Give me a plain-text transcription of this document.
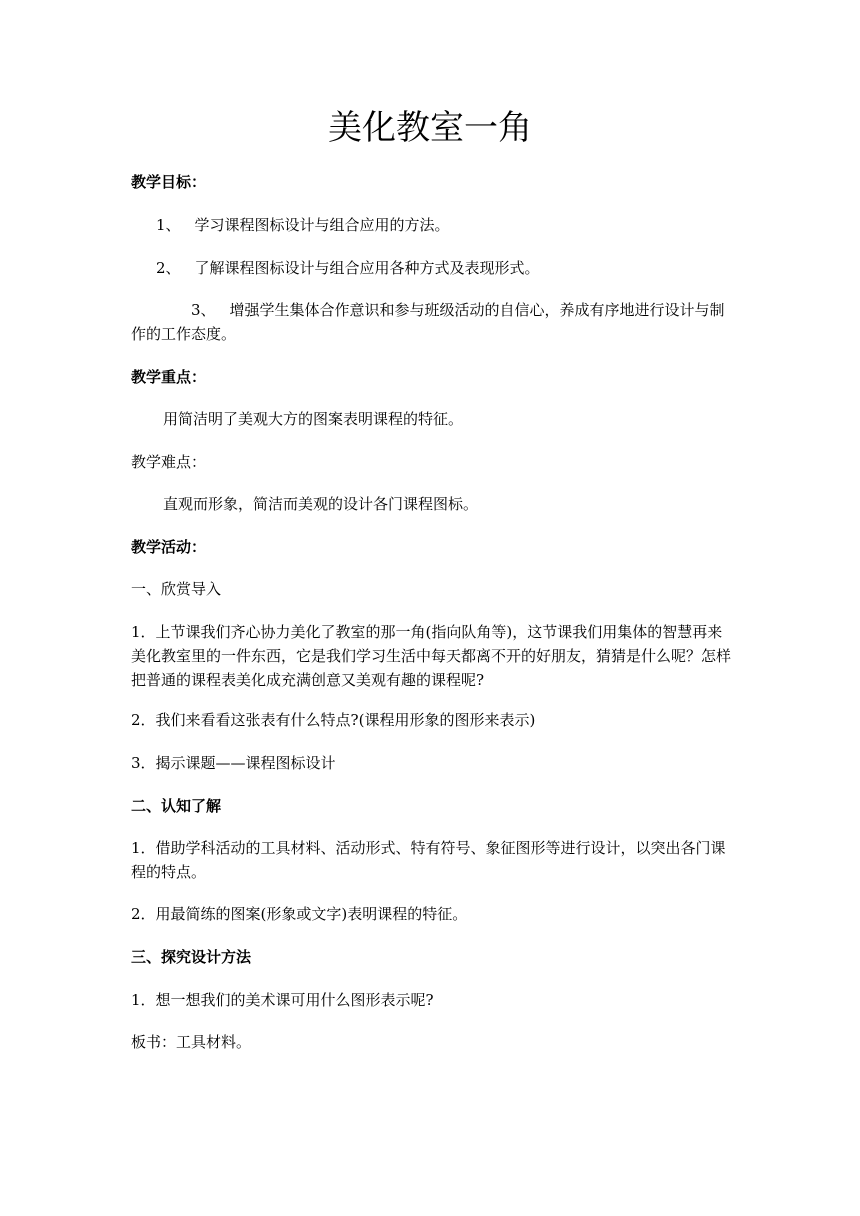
美化教室一角

教学目标：

1、 学习课程图标设计与组合应用的方法。

2、 了解课程图标设计与组合应用各种方式及表现形式。

3、 增强学生集体合作意识和参与班级活动的自信心，养成有序地进行设计与制作的工作态度。

教学重点：

用简洁明了美观大方的图案表明课程的特征。

教学难点：

直观而形象，简洁而美观的设计各门课程图标。

教学活动：

一、欣赏导入

1．上节课我们齐心协力美化了教室的那一角(指向队角等)，这节课我们用集体的智慧再来美化教室里的一件东西，它是我们学习生活中每天都离不开的好朋友，猜猜是什么呢？怎样把普通的课程表美化成充满创意又美观有趣的课程呢?

2．我们来看看这张表有什么特点?(课程用形象的图形来表示)

3．揭示课题——课程图标设计

二、认知了解

1．借助学科活动的工具材料、活动形式、特有符号、象征图形等进行设计，以突出各门课程的特点。

2．用最简练的图案(形象或文字)表明课程的特征。

三、探究设计方法

1．想一想我们的美术课可用什么图形表示呢?

板书：工具材料。
